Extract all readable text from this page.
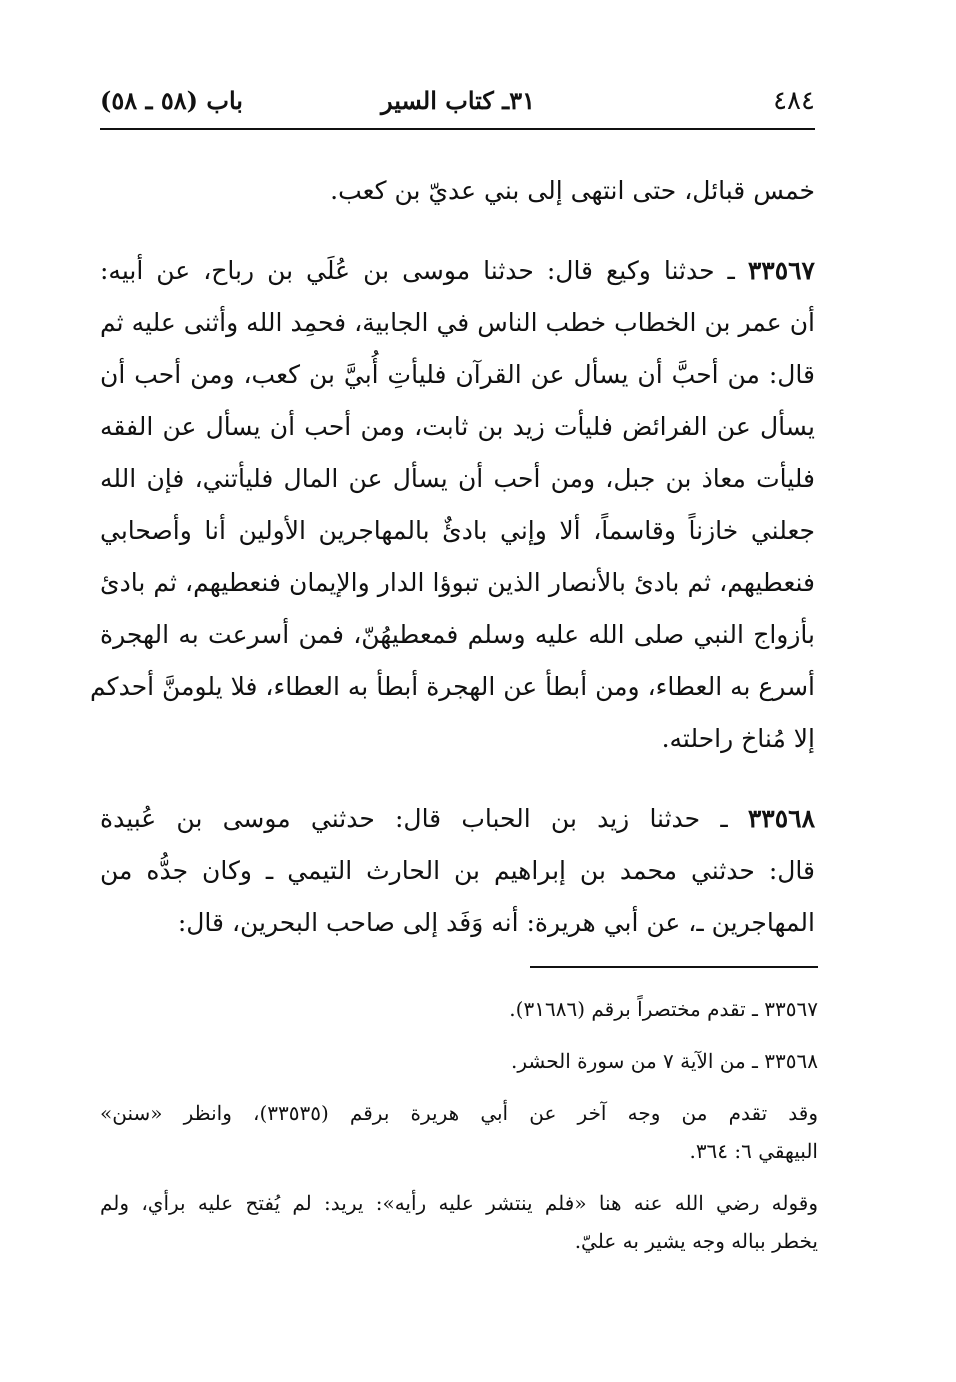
٤٨٤
٣١ـ كتاب السير
باب (٥٨ ـ ٥٨)
خمس قبائل، حتى انتهى إلى بني عديّ بن كعب.
٣٣٥٦٧ ـ حدثنا وكيع قال: حدثنا موسى بن عُلَي بن رباح، عن أبيه:
أن عمر بن الخطاب خطب الناس في الجابية، فحمِد الله وأثنى عليه ثم
قال: من أحبَّ أن يسأل عن القرآن فليأتِ أُبيَّ بن كعب، ومن أحب أن
يسأل عن الفرائض فليأت زيد بن ثابت، ومن أحب أن يسأل عن الفقه
فليأت معاذ بن جبل، ومن أحب أن يسأل عن المال فليأتني، فإن الله
جعلني خازناً وقاسماً، ألا وإني بادئٌ بالمهاجرين الأولين أنا وأصحابي
فنعطيهم، ثم بادئ بالأنصار الذين تبوؤا الدار والإيمان فنعطيهم، ثم بادئ
بأزواج النبي صلى الله عليه وسلم فمعطيهُنّ، فمن أسرعت به الهجرة
أسرع به العطاء، ومن أبطأ عن الهجرة أبطأ به العطاء، فلا يلومنَّ أحدكم
إلا مُناخ راحلته.
٣٣٥٦٨ ـ حدثنا زيد بن الحباب قال: حدثني موسى بن عُبيدة
قال: حدثني محمد بن إبراهيم بن الحارث التيمي ـ وكان جدُّه من
المهاجرين ـ، عن أبي هريرة: أنه وَفَد إلى صاحب البحرين، قال:
٣٣٥٦٧ ـ تقدم مختصراً برقم (٣١٦٨٦).
٣٣٥٦٨ ـ من الآية ٧ من سورة الحشر.
وقد تقدم من وجه آخر عن أبي هريرة برقم (٣٣٥٣٥)، وانظر «سنن»
البيهقي ٦: ٣٦٤.
وقوله رضي الله عنه هنا «فلم ينتشر عليه رأيه»: يريد: لم يُفتح عليه برأي، ولم
يخطر بباله وجه يشير به عليّ.
